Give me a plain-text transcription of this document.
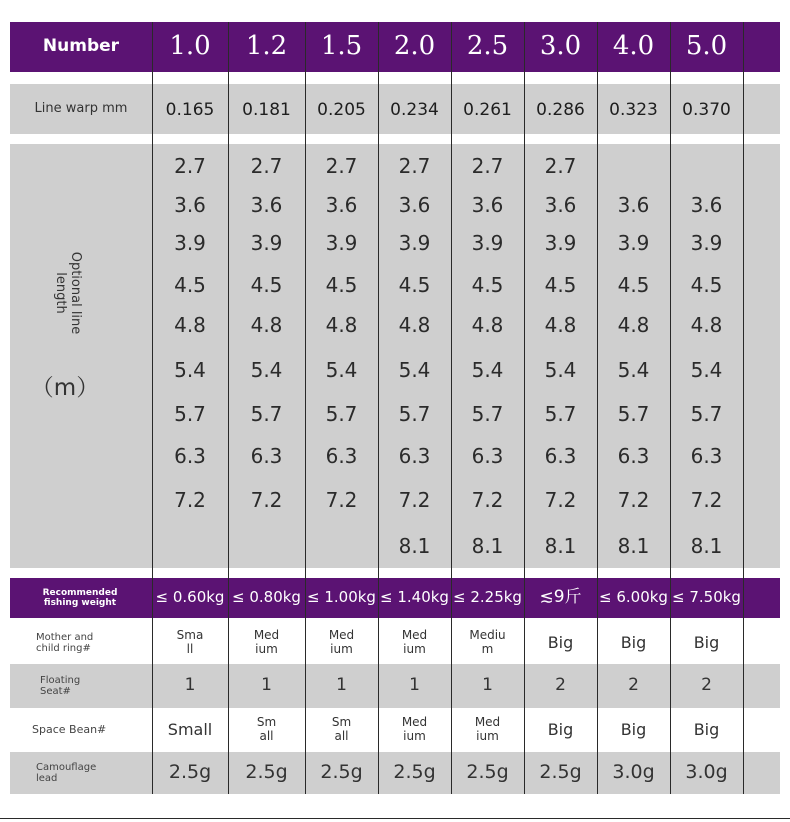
Number
Line warp mm
Optional line
length
（m）
Recommended
fishing weight
Mother and
child ring#
Floating
Seat#
Space Bean#
Camouflage
lead
1.0
0.165
2.7
3.6
3.9
4.5
4.8
5.4
5.7
6.3
7.2
≤ 0.60kg
Sma
ll
1
Small
2.5g
1.2
0.181
2.7
3.6
3.9
4.5
4.8
5.4
5.7
6.3
7.2
≤ 0.80kg
Med
ium
1
Sm
all
2.5g
1.5
0.205
2.7
3.6
3.9
4.5
4.8
5.4
5.7
6.3
7.2
≤ 1.00kg
Med
ium
1
Sm
all
2.5g
2.0
0.234
2.7
3.6
3.9
4.5
4.8
5.4
5.7
6.3
7.2
8.1
≤ 1.40kg
Med
ium
1
Med
ium
2.5g
2.5
0.261
2.7
3.6
3.9
4.5
4.8
5.4
5.7
6.3
7.2
8.1
≤ 2.25kg
Mediu
m
1
Med
ium
2.5g
3.0
0.286
2.7
3.6
3.9
4.5
4.8
5.4
5.7
6.3
7.2
8.1
≲9斤
Big
2
Big
2.5g
4.0
0.323
3.6
3.9
4.5
4.8
5.4
5.7
6.3
7.2
8.1
≤ 6.00kg
Big
2
Big
3.0g
5.0
0.370
3.6
3.9
4.5
4.8
5.4
5.7
6.3
7.2
8.1
≤ 7.50kg
Big
2
Big
3.0g
